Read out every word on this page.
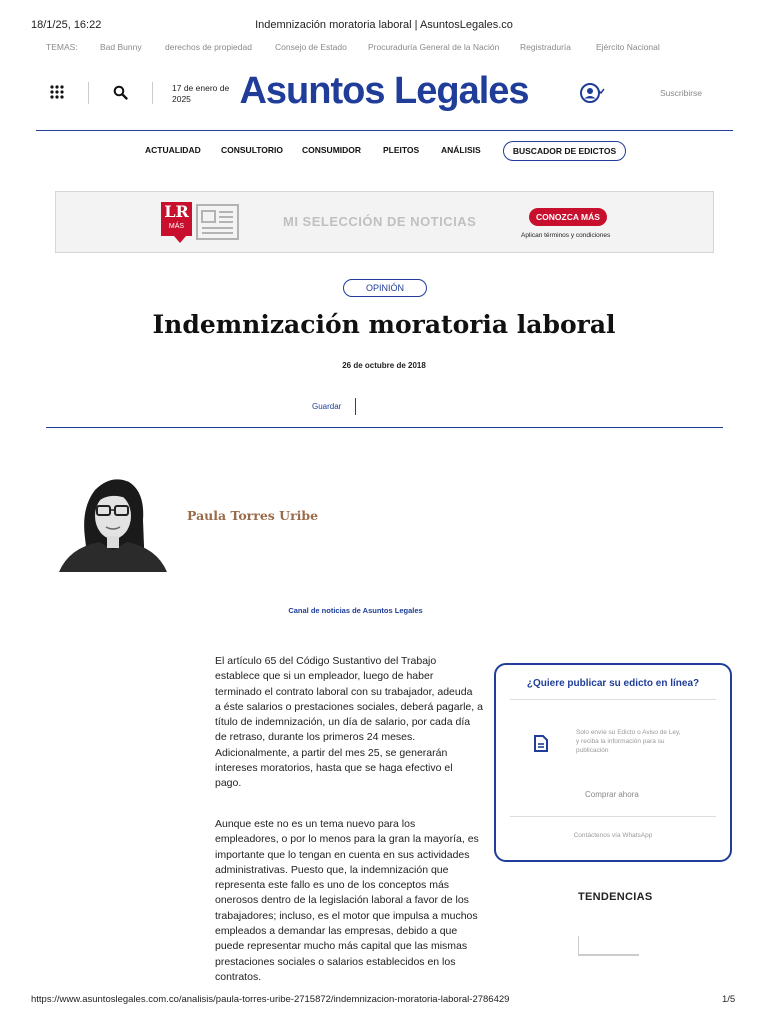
18/1/25, 16:22	Indemnización moratoria laboral | AsuntosLegales.co
TEMAS:	Bad Bunny	derechos de propiedad	Consejo de Estado Procuraduría General de la Nación Registraduría	Ejército Nacional
17 de enero de
2025	Asuntos Legales	Suscribirse
ACTUALIDAD CONSULTORIO CONSUMIDOR	PLEITOS	ANÁLISIS	BUSCADOR DE EDICTOS
LR
MÁS	MI SELECCIÓN DE NOTICIAS	CONOZCA MÁS
Aplican términos y condiciones
OPINIÓN
Indemnización moratoria laboral
26 de octubre de 2018
Guardar
Paula Torres Uribe
Canal de noticias de Asuntos Legales

El artículo 65 del Código Sustantivo del Trabajo

establece que si un empleador, luego de haber

terminado el contrato laboral con su trabajador, adeuda

a éste salarios o prestaciones sociales, deberá pagarle, a

título de indemnización, un día de salario, por cada día

de retraso, durante los primeros 24 meses.

Adicionalmente, a partir del mes 25, se generarán

intereses moratorios, hasta que se haga efectivo el

pago.

Aunque este no es un tema nuevo para los

empleadores, o por lo menos para la gran la mayoría, es

importante que lo tengan en cuenta en sus actividades

administrativas. Puesto que, la indemnización que

representa este fallo es uno de los conceptos más

onerosos dentro de la legislación laboral a favor de los

trabajadores; incluso, es el motor que impulsa a muchos

empleados a demandar las empresas, debido a que

puede representar mucho más capital que las mismas

prestaciones sociales o salarios establecidos en los

contratos.

¿Quiere publicar su edicto en línea?
Solo envíe su Edicto o Aviso de Ley,
y reciba la información para su
publicación
Comprar ahora
Contáctenos vía WhatsApp
TENDENCIAS
https://www.asuntoslegales.com.co/analisis/paula-torres-uribe-2715872/indemnizacion-moratoria-laboral-2786429	1/5
